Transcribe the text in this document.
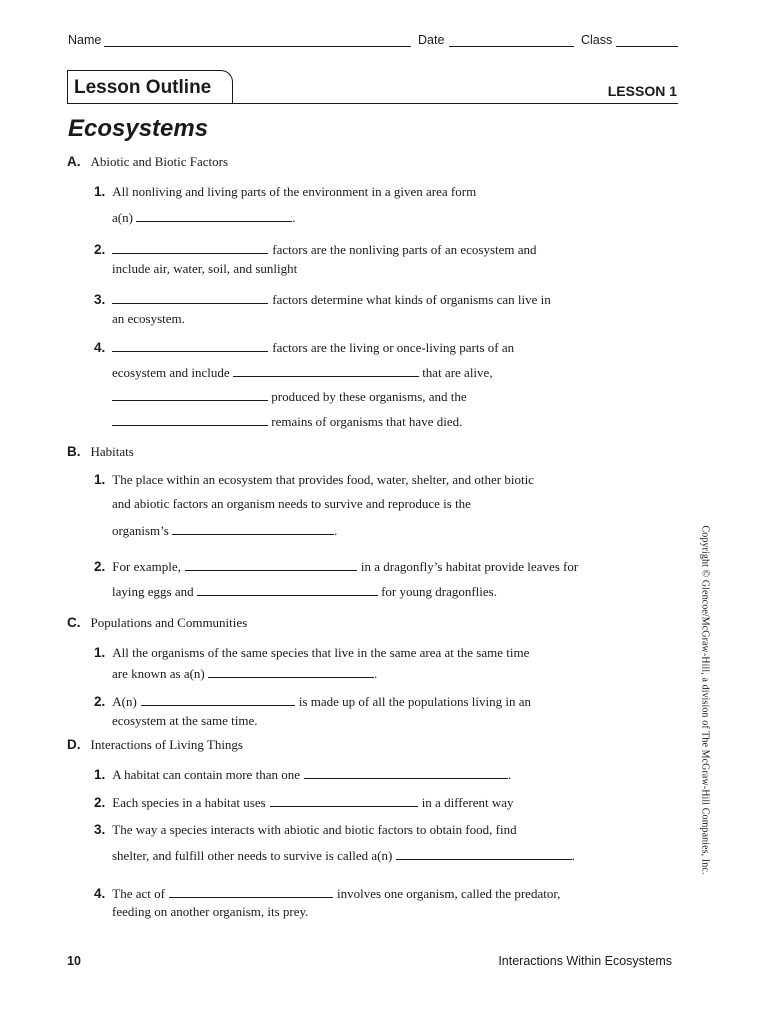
Name	Date	Class
Lesson Outline	LESSON 1
Ecosystems
A. Abiotic and Biotic Factors
1. All nonliving and living parts of the environment in a given area form
a(n)	.
2.	factors are the nonliving parts of an ecosystem and
include air, water, soil, and sunlight
3.	factors determine what kinds of organisms can live in
an ecosystem.
4.	factors are the living or once-living parts of an
ecosystem and include	that are alive,
produced by these organisms, and the
remains of organisms that have died.
B. Habitats
1. The place within an ecosystem that provides food, water, shelter, and other biotic
and abiotic factors an organism needs to survive and reproduce is the
organism’s	.
2. For example,	in a dragonfly’s habitat provide leaves for
laying eggs and	for young dragonflies.
C. Populations and Communities
1. All the organisms of the same species that live in the same area at the same time
are known as a(n)	.
2. A(n)	is made up of all the populations living in an
ecosystem at the same time.
D. Interactions of Living Things
1. A habitat can contain more than one	.
2. Each species in a habitat uses	in a different way
3. The way a species interacts with abiotic and biotic factors to obtain food, find
shelter, and fulfill other needs to survive is called a(n)	.
4. The act of	involves one organism, called the predator,
feeding on another organism, its prey.
Copyright © Glencoe/McGraw-Hill, a division of The McGraw-Hill Companies, Inc.
10	Interactions Within Ecosystems
